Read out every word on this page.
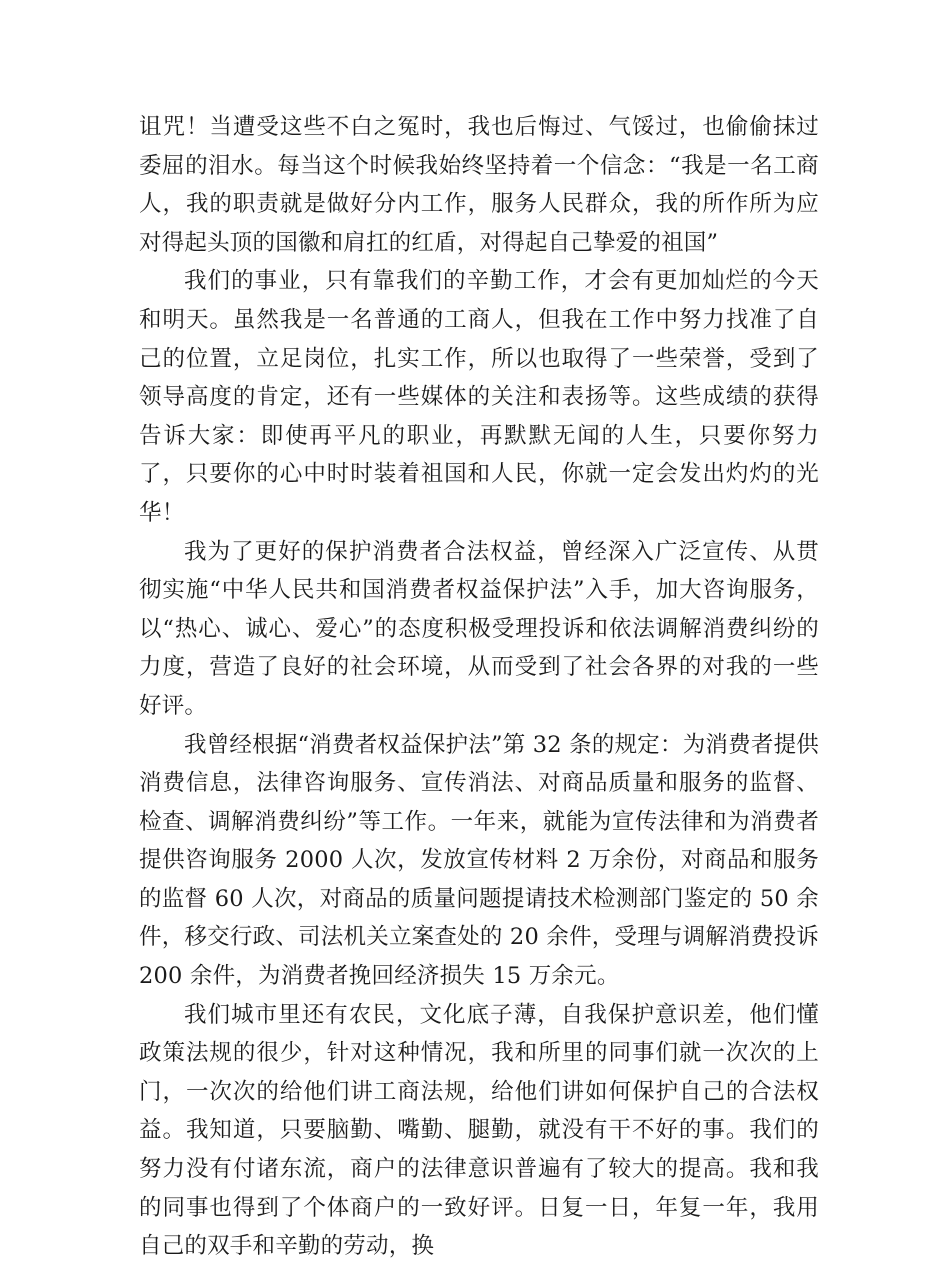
诅咒！当遭受这些不白之冤时，我也后悔过、气馁过，也偷偷抹过委屈的泪水。每当这个时候我始终坚持着一个信念：“我是一名工商人，我的职责就是做好分内工作，服务人民群众，我的所作所为应对得起头顶的国徽和肩扛的红盾，对得起自己挚爱的祖国”

我们的事业，只有靠我们的辛勤工作，才会有更加灿烂的今天和明天。虽然我是一名普通的工商人，但我在工作中努力找准了自己的位置，立足岗位，扎实工作，所以也取得了一些荣誉，受到了领导高度的肯定，还有一些媒体的关注和表扬等。这些成绩的获得告诉大家：即使再平凡的职业，再默默无闻的人生，只要你努力了，只要你的心中时时装着祖国和人民，你就一定会发出灼灼的光华！

我为了更好的保护消费者合法权益，曾经深入广泛宣传、从贯彻实施“中华人民共和国消费者权益保护法”入手，加大咨询服务，以“热心、诚心、爱心”的态度积极受理投诉和依法调解消费纠纷的力度，营造了良好的社会环境，从而受到了社会各界的对我的一些好评。

我曾经根据“消费者权益保护法”第 32 条的规定：为消费者提供消费信息，法律咨询服务、宣传消法、对商品质量和服务的监督、检查、调解消费纠纷”等工作。一年来，就能为宣传法律和为消费者提供咨询服务 2000 人次，发放宣传材料 2 万余份，对商品和服务的监督 60 人次，对商品的质量问题提请技术检测部门鉴定的 50 余件，移交行政、司法机关立案查处的 20 余件，受理与调解消费投诉 200 余件，为消费者挽回经济损失 15 万余元。

我们城市里还有农民，文化底子薄，自我保护意识差，他们懂政策法规的很少，针对这种情况，我和所里的同事们就一次次的上门，一次次的给他们讲工商法规，给他们讲如何保护自己的合法权益。我知道，只要脑勤、嘴勤、腿勤，就没有干不好的事。我们的努力没有付诸东流，商户的法律意识普遍有了较大的提高。我和我的同事也得到了个体商户的一致好评。日复一日，年复一年，我用自己的双手和辛勤的劳动，换
